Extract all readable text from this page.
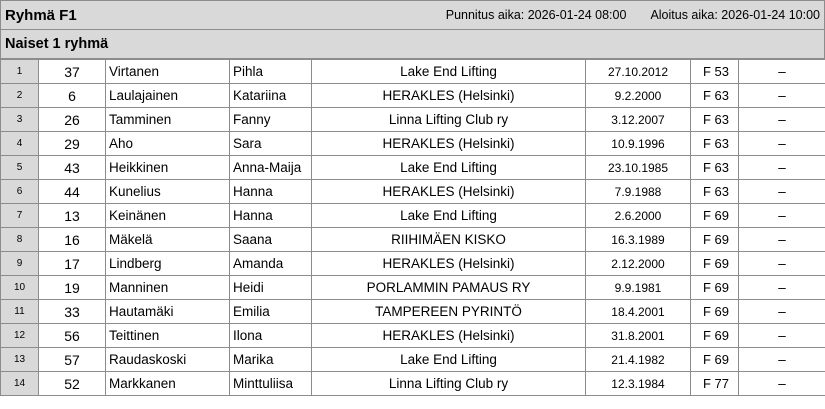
Ryhmä F1	Punnitus aika: 2026-01-24 08:00 Aloitus aika: 2026-01-24 10:00
Naiset 1 ryhmä
1	37	Virtanen	Pihla	Lake End Lifting	27.10.2012	F 53	–
2	6	Laulajainen	Katariina	HERAKLES (Helsinki)	9.2.2000	F 63	–
3	26	Tamminen	Fanny	Linna Lifting Club ry	3.12.2007	F 63	–
4	29	Aho	Sara	HERAKLES (Helsinki)	10.9.1996	F 63	–
5	43	Heikkinen	Anna-Maija	Lake End Lifting	23.10.1985	F 63	–
6	44	Kunelius	Hanna	HERAKLES (Helsinki)	7.9.1988	F 63	–
7	13	Keinänen	Hanna	Lake End Lifting	2.6.2000	F 69	–
8	16	Mäkelä	Saana	RIIHIMÄEN KISKO	16.3.1989	F 69	–
9	17	Lindberg	Amanda	HERAKLES (Helsinki)	2.12.2000	F 69	–
10	19	Manninen	Heidi	PORLAMMIN PAMAUS RY	9.9.1981	F 69	–
11	33	Hautamäki	Emilia	TAMPEREEN PYRINTÖ	18.4.2001	F 69	–
12	56	Teittinen	Ilona	HERAKLES (Helsinki)	31.8.2001	F 69	–
13	57	Raudaskoski	Marika	Lake End Lifting	21.4.1982	F 69	–
14	52	Markkanen	Minttuliisa	Linna Lifting Club ry	12.3.1984	F 77	–
